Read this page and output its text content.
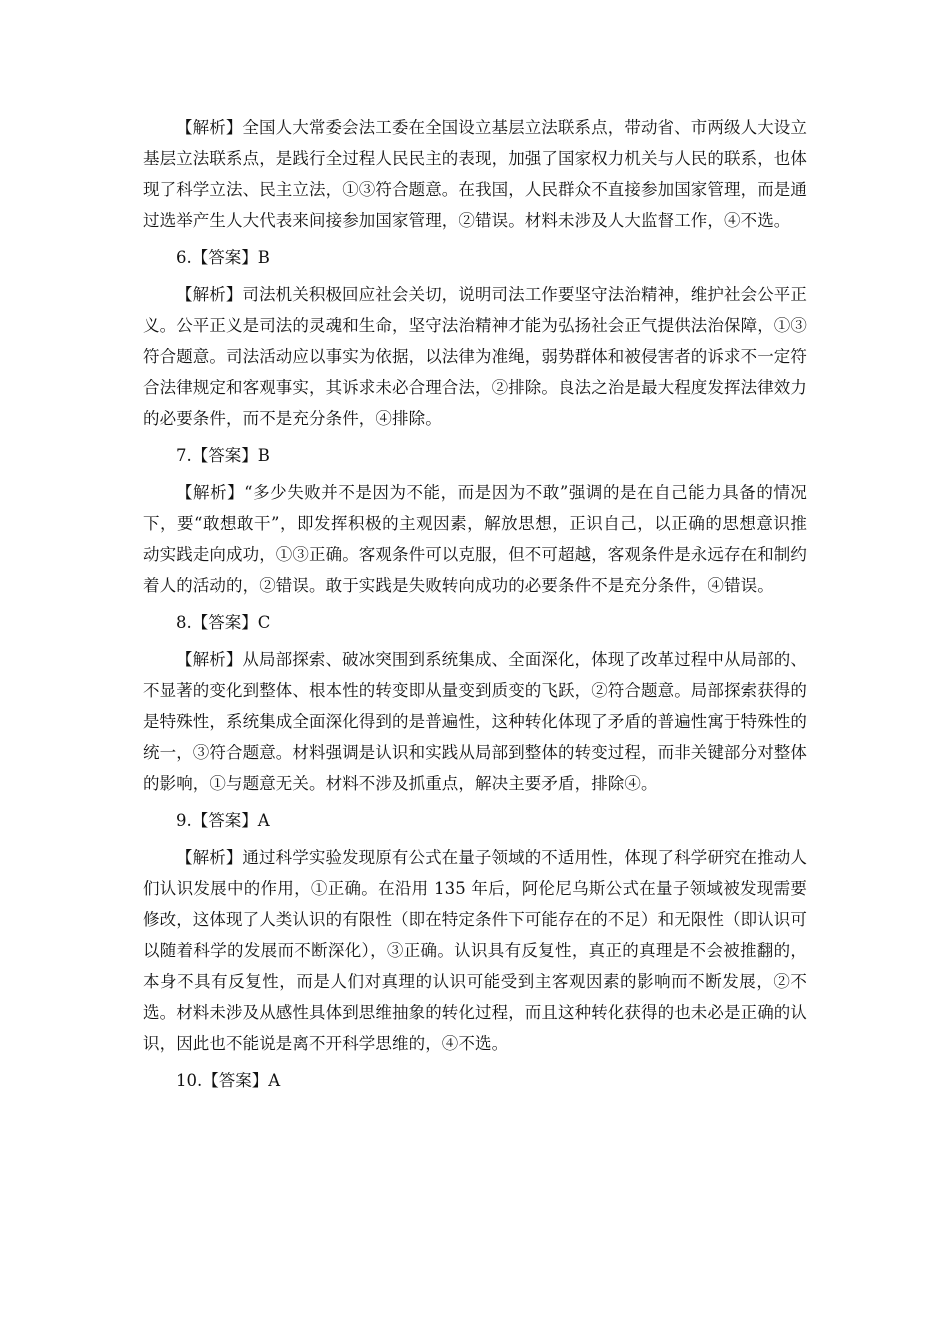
【解析】全国人大常委会法工委在全国设立基层立法联系点，带动省、市两级人大设立基层立法联系点，是践行全过程人民民主的表现，加强了国家权力机关与人民的联系，也体现了科学立法、民主立法，①③符合题意。在我国，人民群众不直接参加国家管理，而是通过选举产生人大代表来间接参加国家管理，②错误。材料未涉及人大监督工作，④不选。

6.【答案】B

【解析】司法机关积极回应社会关切，说明司法工作要坚守法治精神，维护社会公平正义。公平正义是司法的灵魂和生命，坚守法治精神才能为弘扬社会正气提供法治保障，①③符合题意。司法活动应以事实为依据，以法律为准绳，弱势群体和被侵害者的诉求不一定符合法律规定和客观事实，其诉求未必合理合法，②排除。良法之治是最大程度发挥法律效力的必要条件，而不是充分条件，④排除。

7.【答案】B

【解析】“多少失败并不是因为不能，而是因为不敢”强调的是在自己能力具备的情况下，要“敢想敢干”，即发挥积极的主观因素，解放思想，正识自己，以正确的思想意识推动实践走向成功，①③正确。客观条件可以克服，但不可超越，客观条件是永远存在和制约着人的活动的，②错误。敢于实践是失败转向成功的必要条件不是充分条件，④错误。

8.【答案】C

【解析】从局部探索、破冰突围到系统集成、全面深化，体现了改革过程中从局部的、不显著的变化到整体、根本性的转变即从量变到质变的飞跃，②符合题意。局部探索获得的是特殊性，系统集成全面深化得到的是普遍性，这种转化体现了矛盾的普遍性寓于特殊性的统一，③符合题意。材料强调是认识和实践从局部到整体的转变过程，而非关键部分对整体的影响，①与题意无关。材料不涉及抓重点，解决主要矛盾，排除④。

9.【答案】A

【解析】通过科学实验发现原有公式在量子领域的不适用性，体现了科学研究在推动人们认识发展中的作用，①正确。在沿用 135 年后，阿伦尼乌斯公式在量子领域被发现需要修改，这体现了人类认识的有限性（即在特定条件下可能存在的不足）和无限性（即认识可以随着科学的发展而不断深化），③正确。认识具有反复性，真正的真理是不会被推翻的，本身不具有反复性，而是人们对真理的认识可能受到主客观因素的影响而不断发展，②不选。材料未涉及从感性具体到思维抽象的转化过程，而且这种转化获得的也未必是正确的认识，因此也不能说是离不开科学思维的，④不选。

10.【答案】A
